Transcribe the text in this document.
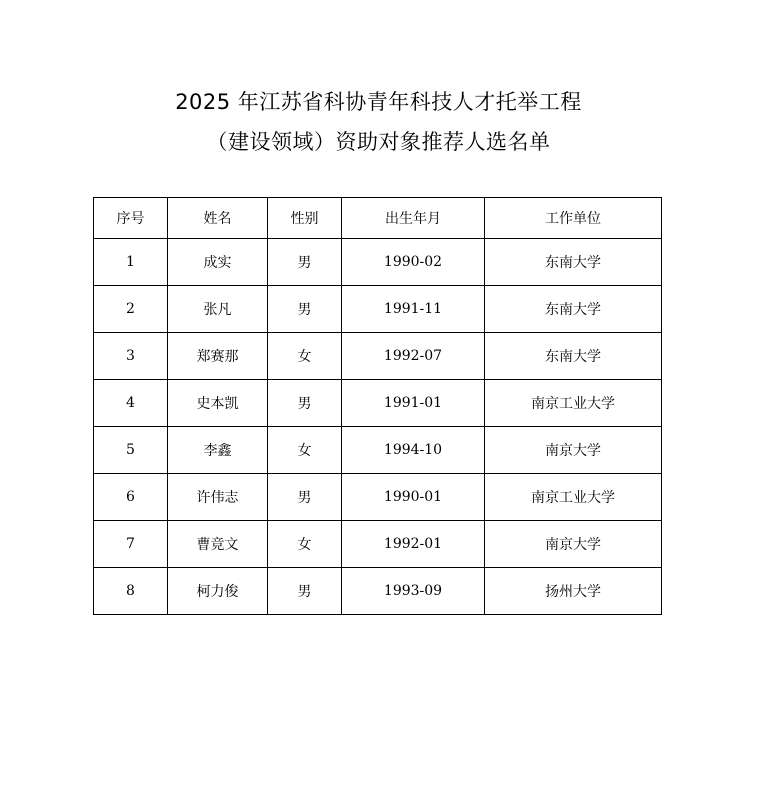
2025 年江苏省科协青年科技人才托举工程
（建设领域）资助对象推荐人选名单
序号	姓名	性别	出生年月	工作单位
1	成实	男	1990-02	东南大学
2	张凡	男	1991-11	东南大学
3	郑赛那	女	1992-07	东南大学
4	史本凯	男	1991-01	南京工业大学
5	李鑫	女	1994-10	南京大学
6	许伟志	男	1990-01	南京工业大学
7	曹竞文	女	1992-01	南京大学
8	柯力俊	男	1993-09	扬州大学
